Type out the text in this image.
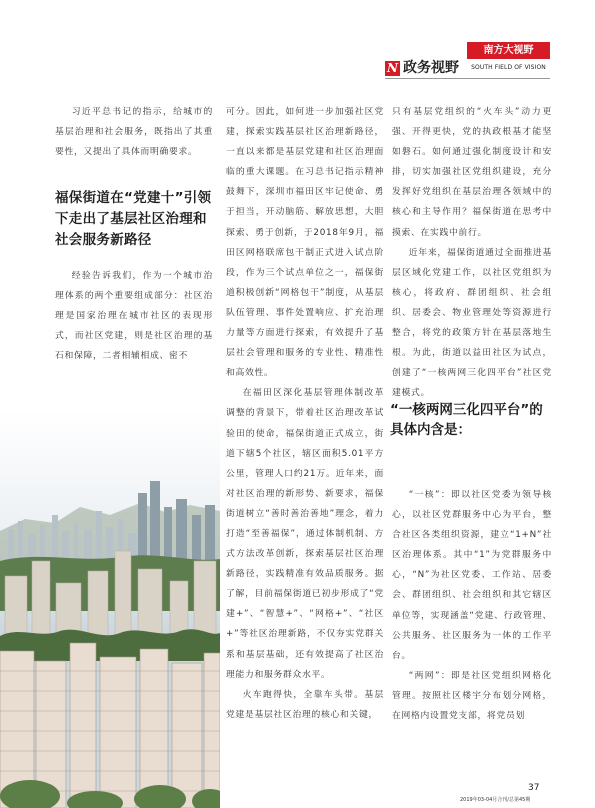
南方大视野
N 政务视野	SOUTH FIELD OF VISION

习近平总书记的指示，给城市的基层治理和社会服务，既指出了其重要性，又提出了具体而明确要求。

福保街道在“党建十”引领下走出了基层社区治理和社会服务新路径

经验告诉我们，作为一个城市治理体系的两个重要组成部分：社区治理是国家治理在城市社区的表现形式，而社区党建，则是社区治理的基石和保障，二者相辅相成、密不

可分。因此，如何进一步加强社区党建，探索实践基层社区治理新路径，一直以来都是基层党建和社区治理面临的重大课题。在习总书记指示精神鼓舞下，深圳市福田区牢记使命、勇于担当，开动脑筋、解放思想，大胆探索、勇于创新，于2018年9月，福田区网格联席包干制正式进入试点阶段，作为三个试点单位之一，福保街道积极创新“网格包干”制度，从基层队伍管理、事件处置响应、扩充治理力量等方面进行探索，有效提升了基层社会管理和服务的专业性、精准性和高效性。

在福田区深化基层管理体制改革调整的背景下，带着社区治理改革试验田的使命，福保街道正式成立，街道下辖5个社区，辖区面积5.01平方公里，管理人口约21万。近年来，面对社区治理的新形势、新要求，福保街道树立“善时善治善地”理念，着力打造“至善福保”，通过体制机制、方式方法改革创新，探索基层社区治理新路径，实践精准有效品质服务。据了解，目前福保街道已初步形成了“党建+”、“智慧+”、“网格+”、“社区+”等社区治理新路，不仅夯实党群关系和基层基础，还有效提高了社区治理能力和服务群众水平。

火车跑得快，全靠车头带。基层党建是基层社区治理的核心和关键，

只有基层党组织的“火车头”动力更强、开得更快，党的执政根基才能坚如磐石。如何通过强化制度设计和安排，切实加强社区党组织建设，充分发挥好党组织在基层治理各领域中的核心和主导作用？福保街道在思考中摸索、在实践中前行。

近年来，福保街道通过全面推进基层区域化党建工作，以社区党组织为核心，将政府、群团组织、社会组织、居委会、物业管理处等资源进行整合，将党的政策方针在基层落地生根。为此，街道以益田社区为试点，创建了“一核两网三化四平台”社区党建模式。

“一核两网三化四平台”的具体内含是：

“一核”：即以社区党委为领导核心，以社区党群服务中心为平台，整合社区各类组织资源，建立“1+N”社区治理体系。其中“1”为党群服务中心，“N”为社区党委、工作站、居委会、群团组织、社会组织和其它辖区单位等，实现涵盖“党建、行政管理、公共服务、社区服务为一体的工作平台。

“两网”：即是社区党组织网格化管理。按照社区楼宇分布划分网格，在网格内设置党支部，将党员划

37
2019年03-04月合刊/总第45期
